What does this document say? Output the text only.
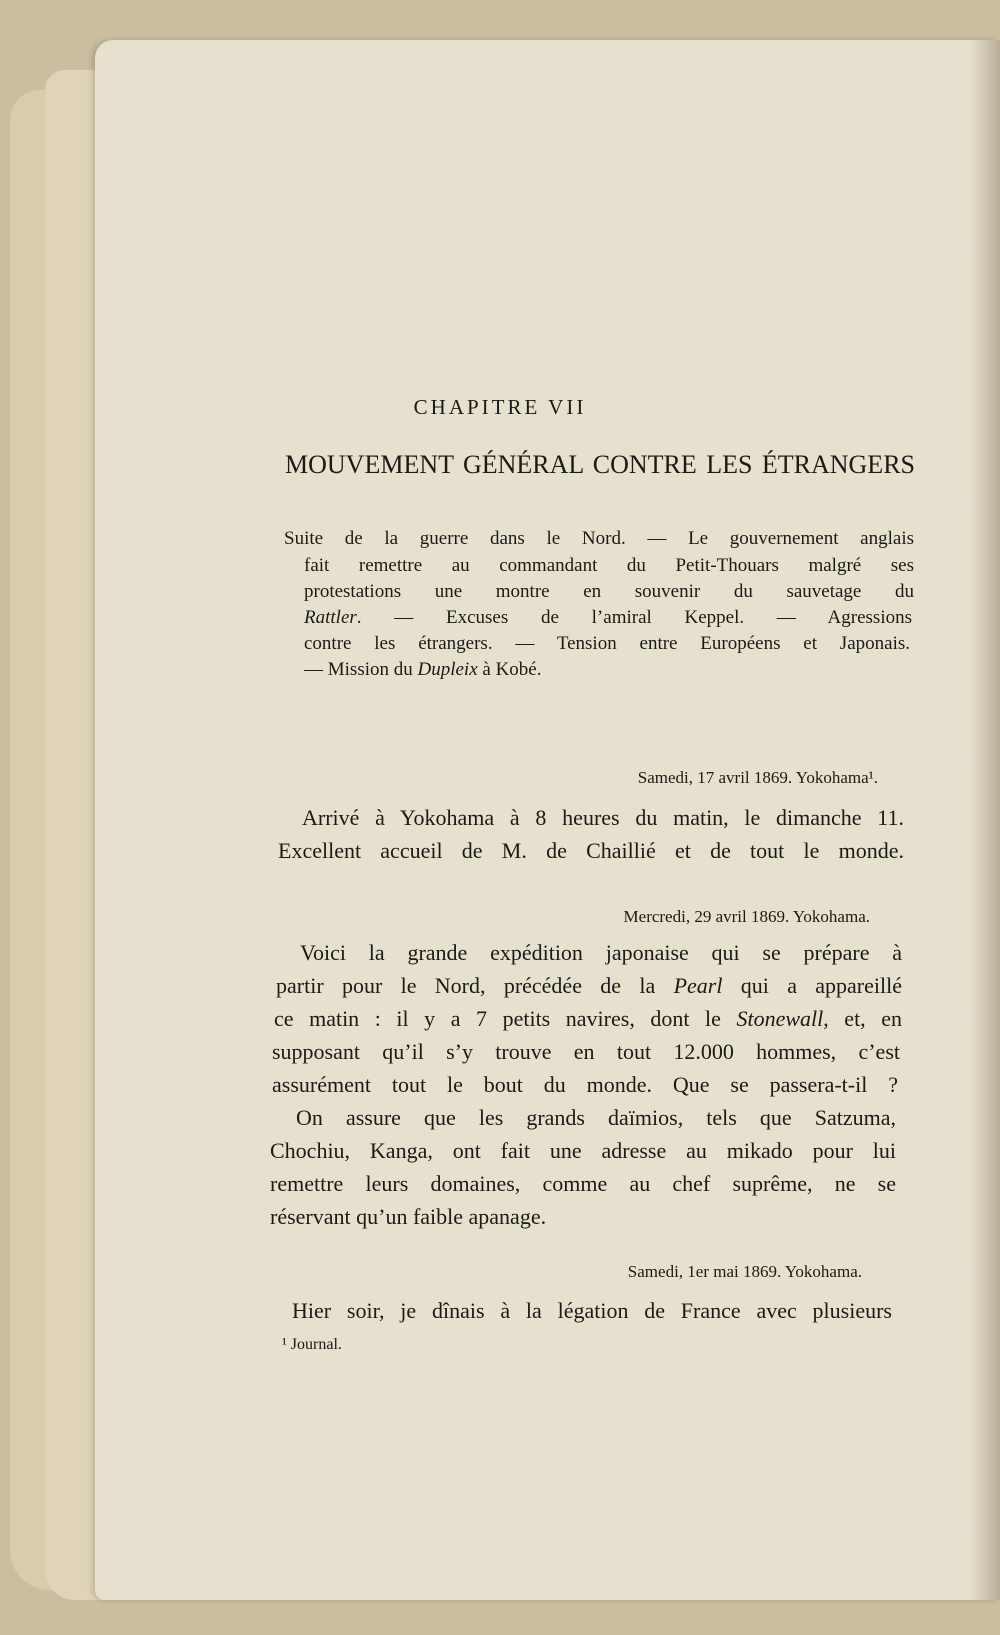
CHAPITRE VII
MOUVEMENT GÉNÉRAL CONTRE LES ÉTRANGERS
Suite de la guerre dans le Nord. — Le gouvernement anglais
fait remettre au commandant du Petit-Thouars malgré ses
protestations une montre en souvenir du sauvetage du
Rattler. — Excuses de l’amiral Keppel. — Agressions
contre les étrangers. — Tension entre Européens et Japonais.
— Mission du Dupleix à Kobé.
Samedi, 17 avril 1869. Yokohama¹.
Arrivé à Yokohama à 8 heures du matin, le dimanche 11.
Excellent accueil de M. de Chaillié et de tout le monde.
Mercredi, 29 avril 1869. Yokohama.
Voici la grande expédition japonaise qui se prépare à
partir pour le Nord, précédée de la Pearl qui a appareillé
ce matin : il y a 7 petits navires, dont le Stonewall, et, en
supposant qu’il s’y trouve en tout 12.000 hommes, c’est
assurément tout le bout du monde. Que se passera-t-il ?
On assure que les grands daïmios, tels que Satzuma,
Chochiu, Kanga, ont fait une adresse au mikado pour lui
remettre leurs domaines, comme au chef suprême, ne se
réservant qu’un faible apanage.
Samedi, 1er mai 1869. Yokohama.
Hier soir, je dînais à la légation de France avec plusieurs
¹ Journal.
